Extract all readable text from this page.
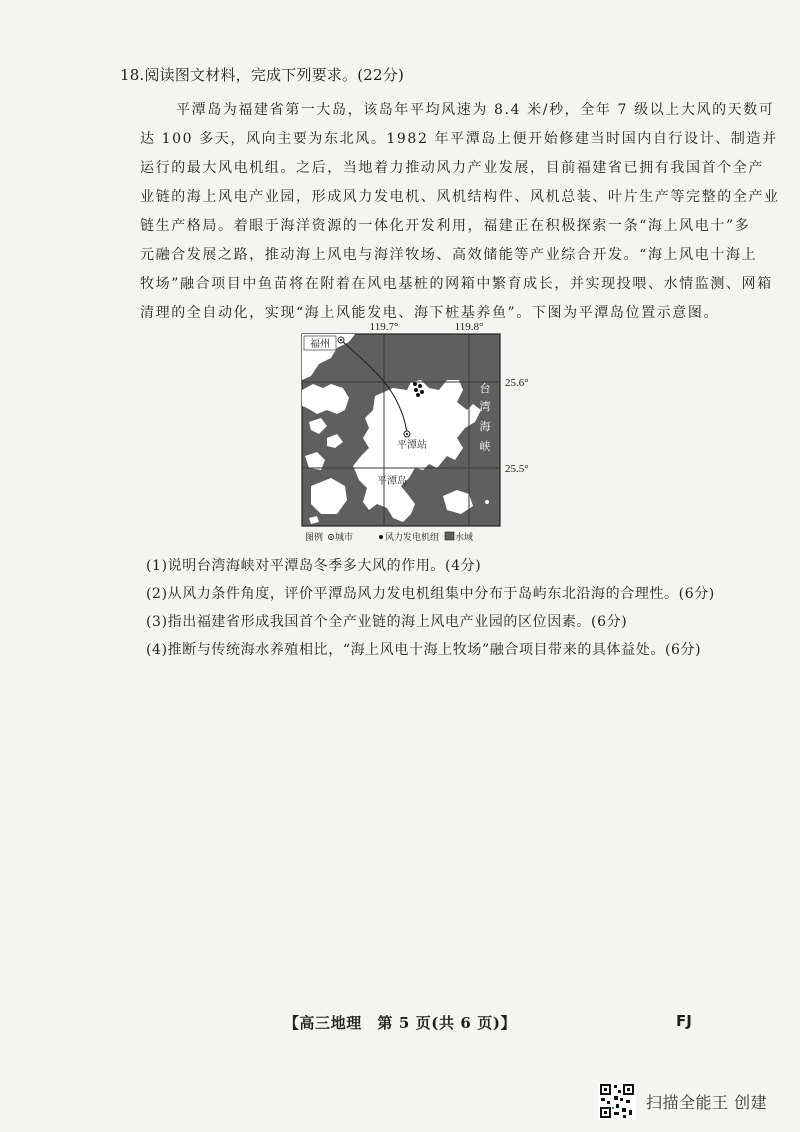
18.阅读图文材料，完成下列要求。(22分)
平潭岛为福建省第一大岛，该岛年平均风速为 8.4 米/秒，全年 7 级以上大风的天数可
达 100 多天，风向主要为东北风。1982 年平潭岛上便开始修建当时国内自行设计、制造并
运行的最大风电机组。之后，当地着力推动风力产业发展，目前福建省已拥有我国首个全产
业链的海上风电产业园，形成风力发电机、风机结构件、风机总装、叶片生产等完整的全产业
链生产格局。着眼于海洋资源的一体化开发利用，福建正在积极探索一条“海上风电十”多
元融合发展之路，推动海上风电与海洋牧场、高效储能等产业综合开发。“海上风电十海上
牧场”融合项目中鱼苗将在附着在风电基桩的网箱中繁育成长，并实现投喂、水情监测、网箱
清理的全自动化，实现“海上风能发电、海下桩基养鱼”。下图为平潭岛位置示意图。
119.7°	119.8°
福州
平潭站
平潭岛
台
湾
海
峡
25.6°
25.5°
图例 城市	风力发电机组 水域
(1)说明台湾海峡对平潭岛冬季多大风的作用。(4分)
(2)从风力条件角度，评价平潭岛风力发电机组集中分布于岛屿东北沿海的合理性。(6分)
(3)指出福建省形成我国首个全产业链的海上风电产业园的区位因素。(6分)
(4)推断与传统海水养殖相比，“海上风电十海上牧场”融合项目带来的具体益处。(6分)
【高三地理　第 5 页(共 6 页)】	FJ
扫描全能王 创建
